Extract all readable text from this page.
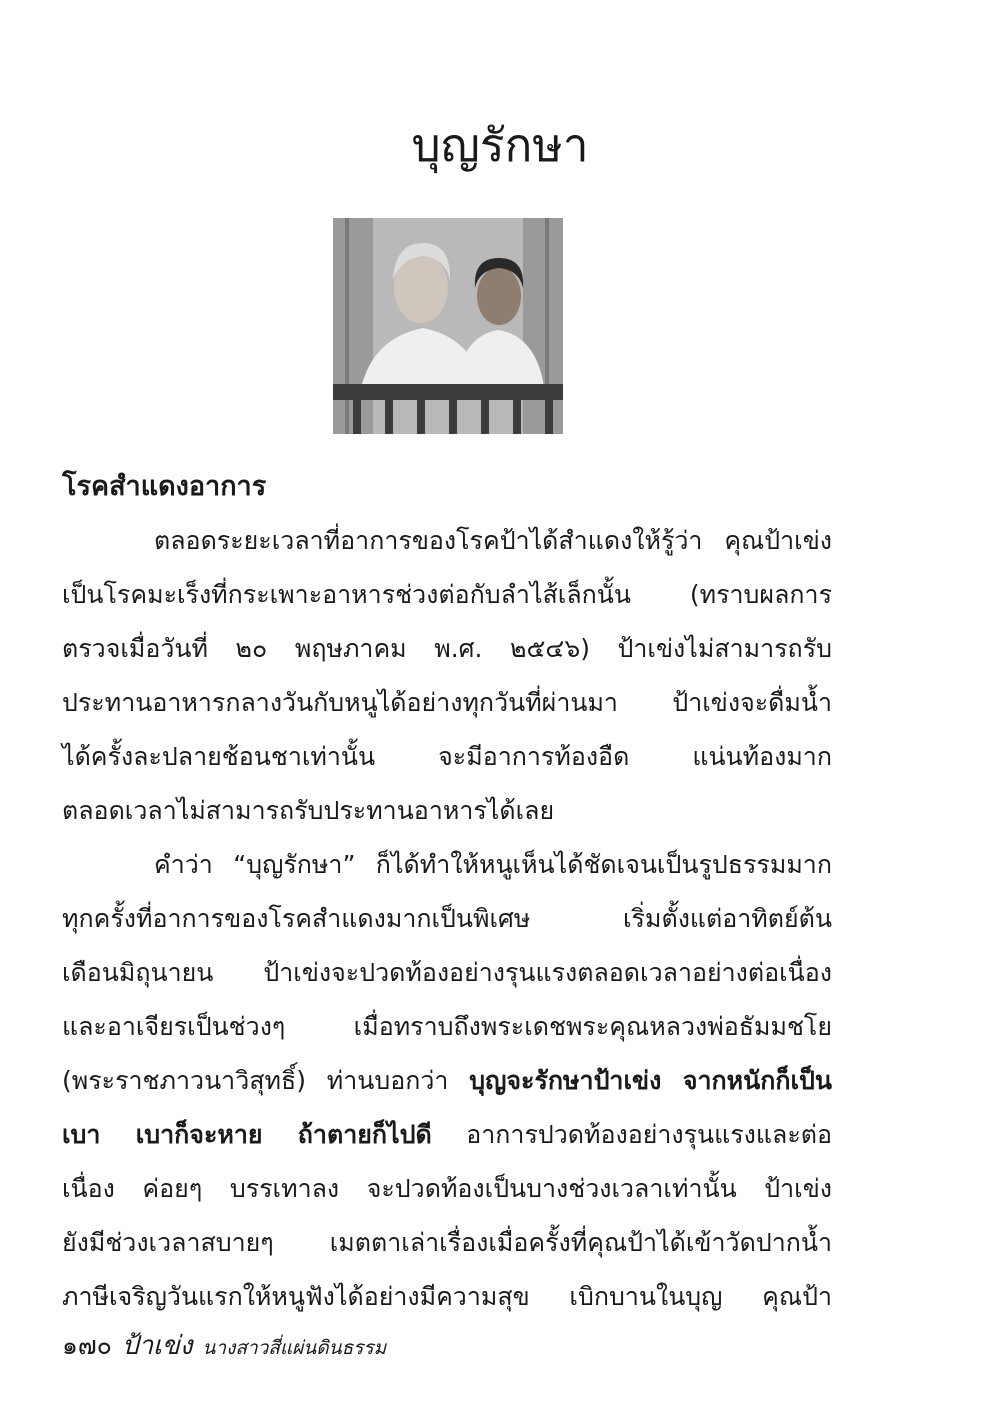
บุญรักษา
โรคสำแดงอาการ
ตลอดระยะเวลาที่อาการของโรคป้าได้สำแดงให้รู้ว่า คุณป้าเข่ง
เป็นโรคมะเร็งที่กระเพาะอาหารช่วงต่อกับลำไส้เล็กนั้น (ทราบผลการ
ตรวจเมื่อวันที่ ๒๐ พฤษภาคม พ.ศ. ๒๕๔๖) ป้าเข่งไม่สามารถรับ
ประทานอาหารกลางวันกับหนูได้อย่างทุกวันที่ผ่านมา ป้าเข่งจะดื่มน้ำ
ได้ครั้งละปลายช้อนชาเท่านั้น จะมีอาการท้องอืด แน่นท้องมาก
ตลอดเวลาไม่สามารถรับประทานอาหารได้เลย
คำว่า “บุญรักษา” ก็ได้ทำให้หนูเห็นได้ชัดเจนเป็นรูปธรรมมาก
ทุกครั้งที่อาการของโรคสำแดงมากเป็นพิเศษ เริ่มตั้งแต่อาทิตย์ต้น
เดือนมิถุนายน ป้าเข่งจะปวดท้องอย่างรุนแรงตลอดเวลาอย่างต่อเนื่อง
และอาเจียรเป็นช่วงๆ เมื่อทราบถึงพระเดชพระคุณหลวงพ่อธัมมชโย
(พระราชภาวนาวิสุทธิ์) ท่านบอกว่า บุญจะรักษาป้าเข่ง จากหนักก็เป็น
เบา เบาก็จะหาย ถ้าตายก็ไปดี อาการปวดท้องอย่างรุนแรงและต่อ
เนื่อง ค่อยๆ บรรเทาลง จะปวดท้องเป็นบางช่วงเวลาเท่านั้น ป้าเข่ง
ยังมีช่วงเวลาสบายๆ เมตตาเล่าเรื่องเมื่อครั้งที่คุณป้าได้เข้าวัดปากน้ำ
ภาษีเจริญวันแรกให้หนูฟังได้อย่างมีความสุข เบิกบานในบุญ คุณป้า
๑๗๐ ป้าเข่ง นางสาวสี่แผ่นดินธรรม
